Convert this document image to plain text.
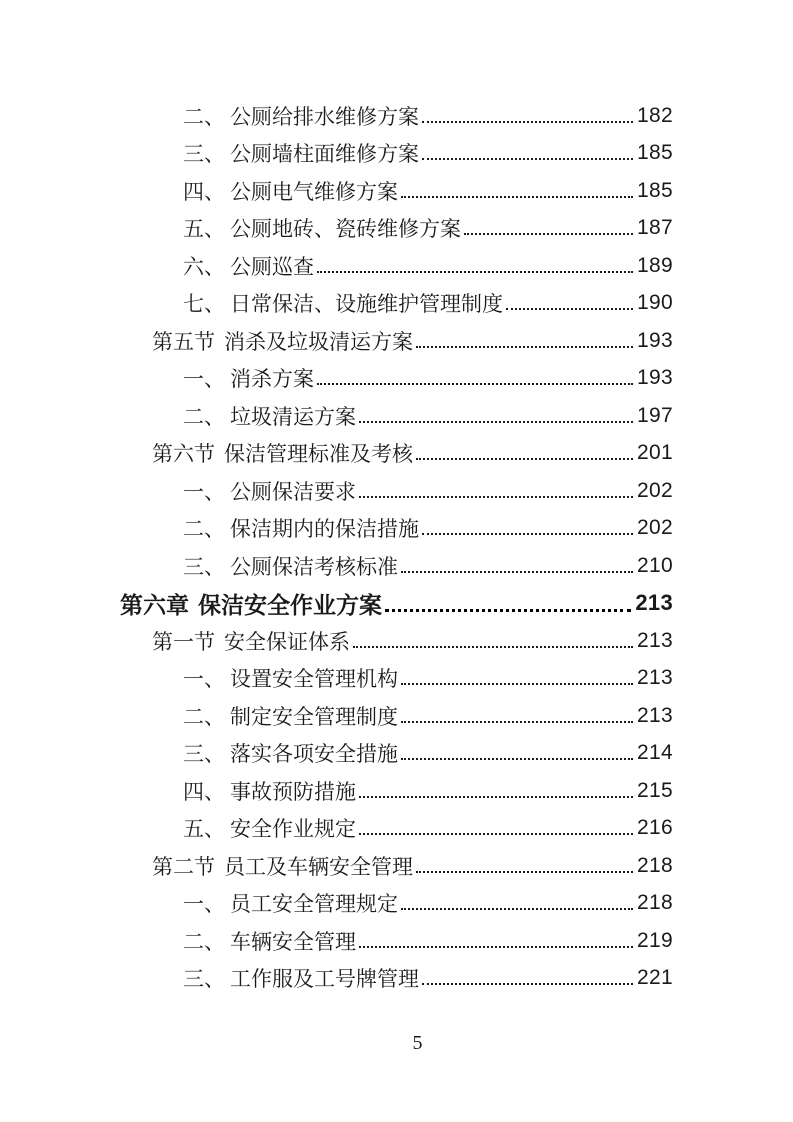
二、 公厕给排水维修方案	182
三、 公厕墙柱面维修方案	185
四、 公厕电气维修方案	185
五、 公厕地砖、瓷砖维修方案	187
六、 公厕巡查	189
七、 日常保洁、设施维护管理制度	190
第五节 消杀及垃圾清运方案	193
一、 消杀方案	193
二、 垃圾清运方案	197
第六节 保洁管理标准及考核	201
一、 公厕保洁要求	202
二、 保洁期内的保洁措施	202
三、 公厕保洁考核标准	210
第六章 保洁安全作业方案	213
第一节 安全保证体系	213
一、 设置安全管理机构	213
二、 制定安全管理制度	213
三、 落实各项安全措施	214
四、 事故预防措施	215
五、 安全作业规定	216
第二节 员工及车辆安全管理	218
一、 员工安全管理规定	218
二、 车辆安全管理	219
三、 工作服及工号牌管理	221
5
